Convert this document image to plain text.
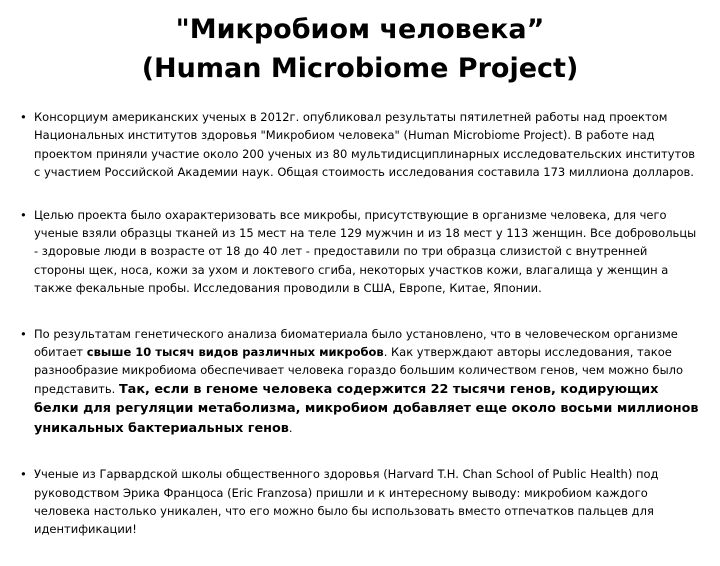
"Микробиом человека”
(Human Microbiome Project)
• Консорциум американских ученых в 2012г. опубликовал результаты пятилетней работы над проектом Национальных институтов здоровья "Микробиом человека" (Human Microbiome Project). В работе над проектом приняли участие около 200 ученых из 80 мультидисциплинарных исследовательских институтов с участием Российской Академии наук. Общая стоимость исследования составила 173 миллиона долларов.
• Целью проекта было охарактеризовать все микробы, присутствующие в организме человека, для чего ученые взяли образцы тканей из 15 мест на теле 129 мужчин и из 18 мест у 113 женщин. Все добровольцы - здоровые люди в возрасте от 18 до 40 лет - предоставили по три образца слизистой с внутренней стороны щек, носа, кожи за ухом и локтевого сгиба, некоторых участков кожи, влагалища у женщин а также фекальные пробы. Исследования проводили в США, Европе, Китае, Японии.
• По результатам генетического анализа биоматериала было установлено, что в человеческом организме обитает свыше 10 тысяч видов различных микробов. Как утверждают авторы исследования, такое разнообразие микробиома обеспечивает человека гораздо большим количеством генов, чем можно было представить. Так, если в геноме человека содержится 22 тысячи генов, кодирующих белки для регуляции метаболизма, микробиом добавляет еще около восьми миллионов уникальных бактериальных генов.
• Ученые из Гарвардской школы общественного здоровья (Harvard T.H. Chan School of Public Health) под руководством Эрика Францоса (Eric Franzosa) пришли и к интересному выводу: микробиом каждого человека настолько уникален, что его можно было бы использовать вместо отпечатков пальцев для идентификации!
